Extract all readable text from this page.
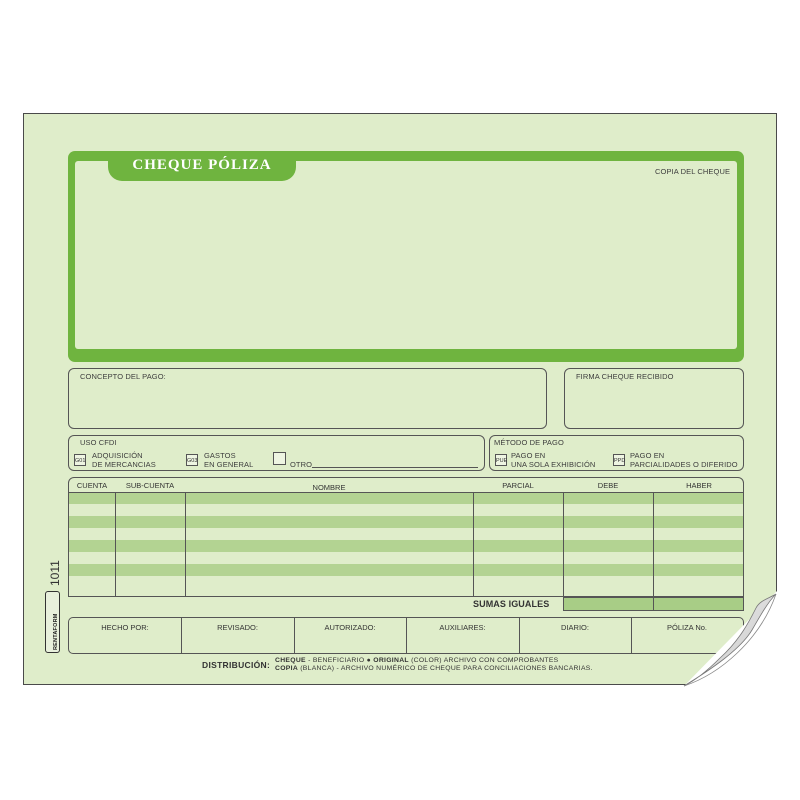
CHEQUE PÓLIZA	COPIA DEL CHEQUE
CONCEPTO DEL PAGO:	FIRMA CHEQUE RECIBIDO
USO CFDI
G01
ADQUISICIÓN
DE MERCANCIAS	G03
GASTOS
EN GENERAL	OTRO
MÉTODO DE PAGO
PUE
PAGO EN
UNA SOLA EXHIBICIÓN	PPD
PAGO EN
PARCIALIDADES O DIFERIDO
CUENTA	SUB-CUENTA	NOMBRE	PARCIAL	DEBE	HABER
SUMAS IGUALES
1011
RENTAFORM	HECHO POR:	REVISADO:	AUTORIZADO:	AUXILIARES:	DIARIO:	PÓLIZA No.
DISTRIBUCIÓN: CHEQUE - BENEFICIARIO ● ORIGINAL (COLOR) ARCHIVO CON COMPROBANTES
COPIA (BLANCA) - ARCHIVO NUMÉRICO DE CHEQUE PARA CONCILIACIONES BANCARIAS.
